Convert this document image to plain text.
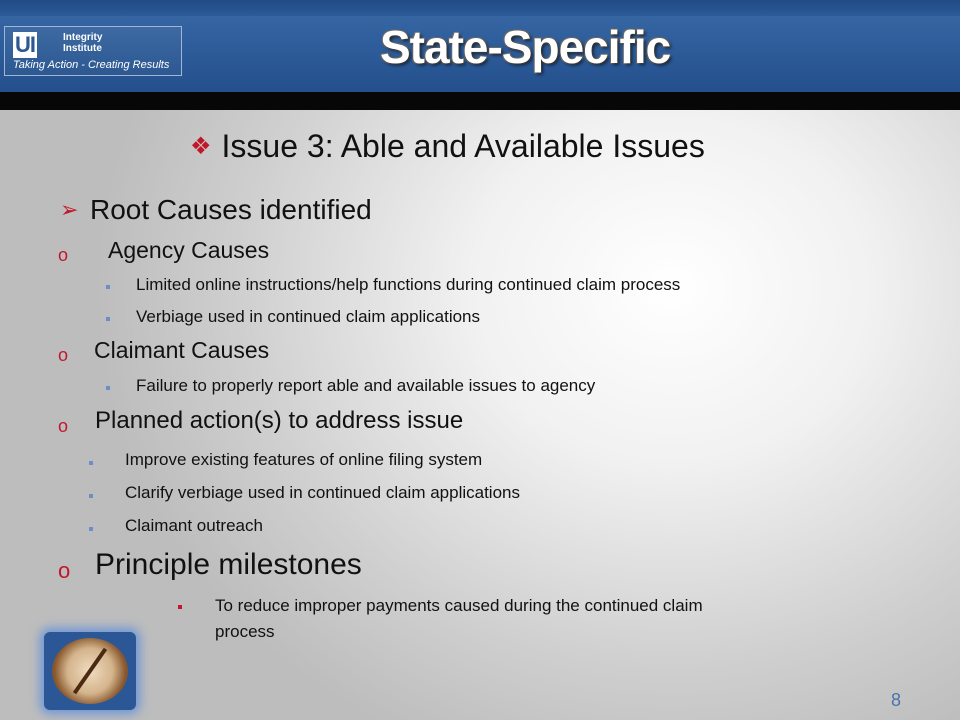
UI	Integrity
Institute
Taking Action - Creating Results	State-Specific
❖ Issue 3: Able and Available Issues
➢ Root Causes identified
o Agency Causes
Limited online instructions/help functions during continued claim process
Verbiage used in continued claim applications
o Claimant Causes
Failure to properly report able and available issues to agency
o Planned action(s) to address issue
Improve existing features of online filing system
Clarify verbiage used in continued claim applications
Claimant outreach
o Principle milestones
To reduce improper payments caused during the continued claim
process
8
